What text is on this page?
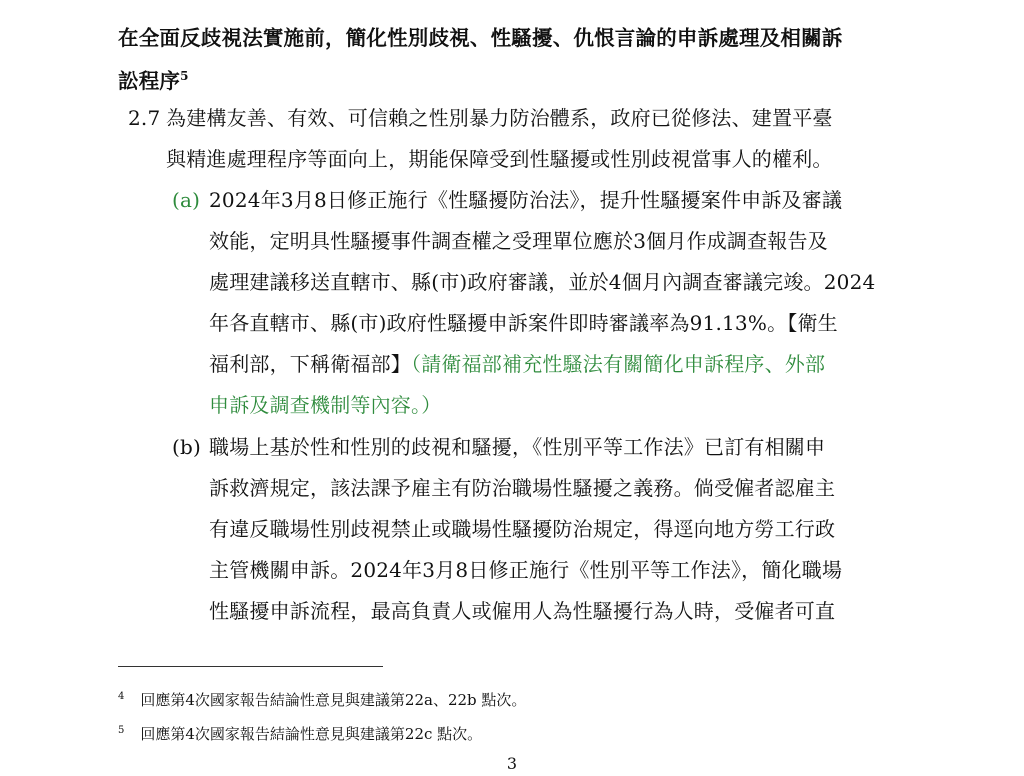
在全面反歧視法實施前，簡化性別歧視、性騷擾、仇恨言論的申訴處理及相關訴
訟程序$^5$
2.7 為建構友善、有效、可信賴之性別暴力防治體系，政府已從修法、建置平臺
與精進處理程序等面向上，期能保障受到性騷擾或性別歧視當事人的權利。
(a) 2024年3月8日修正施行《性騷擾防治法》，提升性騷擾案件申訴及審議
效能，定明具性騷擾事件調查權之受理單位應於3個月作成調查報告及
處理建議移送直轄市、縣(市)政府審議，並於4個月內調查審議完竣。2024
年各直轄市、縣(市)政府性騷擾申訴案件即時審議率為91.13%。【衛生
福利部，下稱衛福部】（請衛福部補充性騷法有關簡化申訴程序、外部
申訴及調查機制等內容。）
(b) 職場上基於性和性別的歧視和騷擾，《性別平等工作法》已訂有相關申
訴救濟規定，該法課予雇主有防治職場性騷擾之義務。倘受僱者認雇主
有違反職場性別歧視禁止或職場性騷擾防治規定，得逕向地方勞工行政
主管機關申訴。2024年3月8日修正施行《性別平等工作法》，簡化職場
性騷擾申訴流程，最高負責人或僱用人為性騷擾行為人時，受僱者可直
$^4$ 回應第4次國家報告結論性意見與建議第22a、22b 點次。
$^5$ 回應第4次國家報告結論性意見與建議第22c 點次。
3
